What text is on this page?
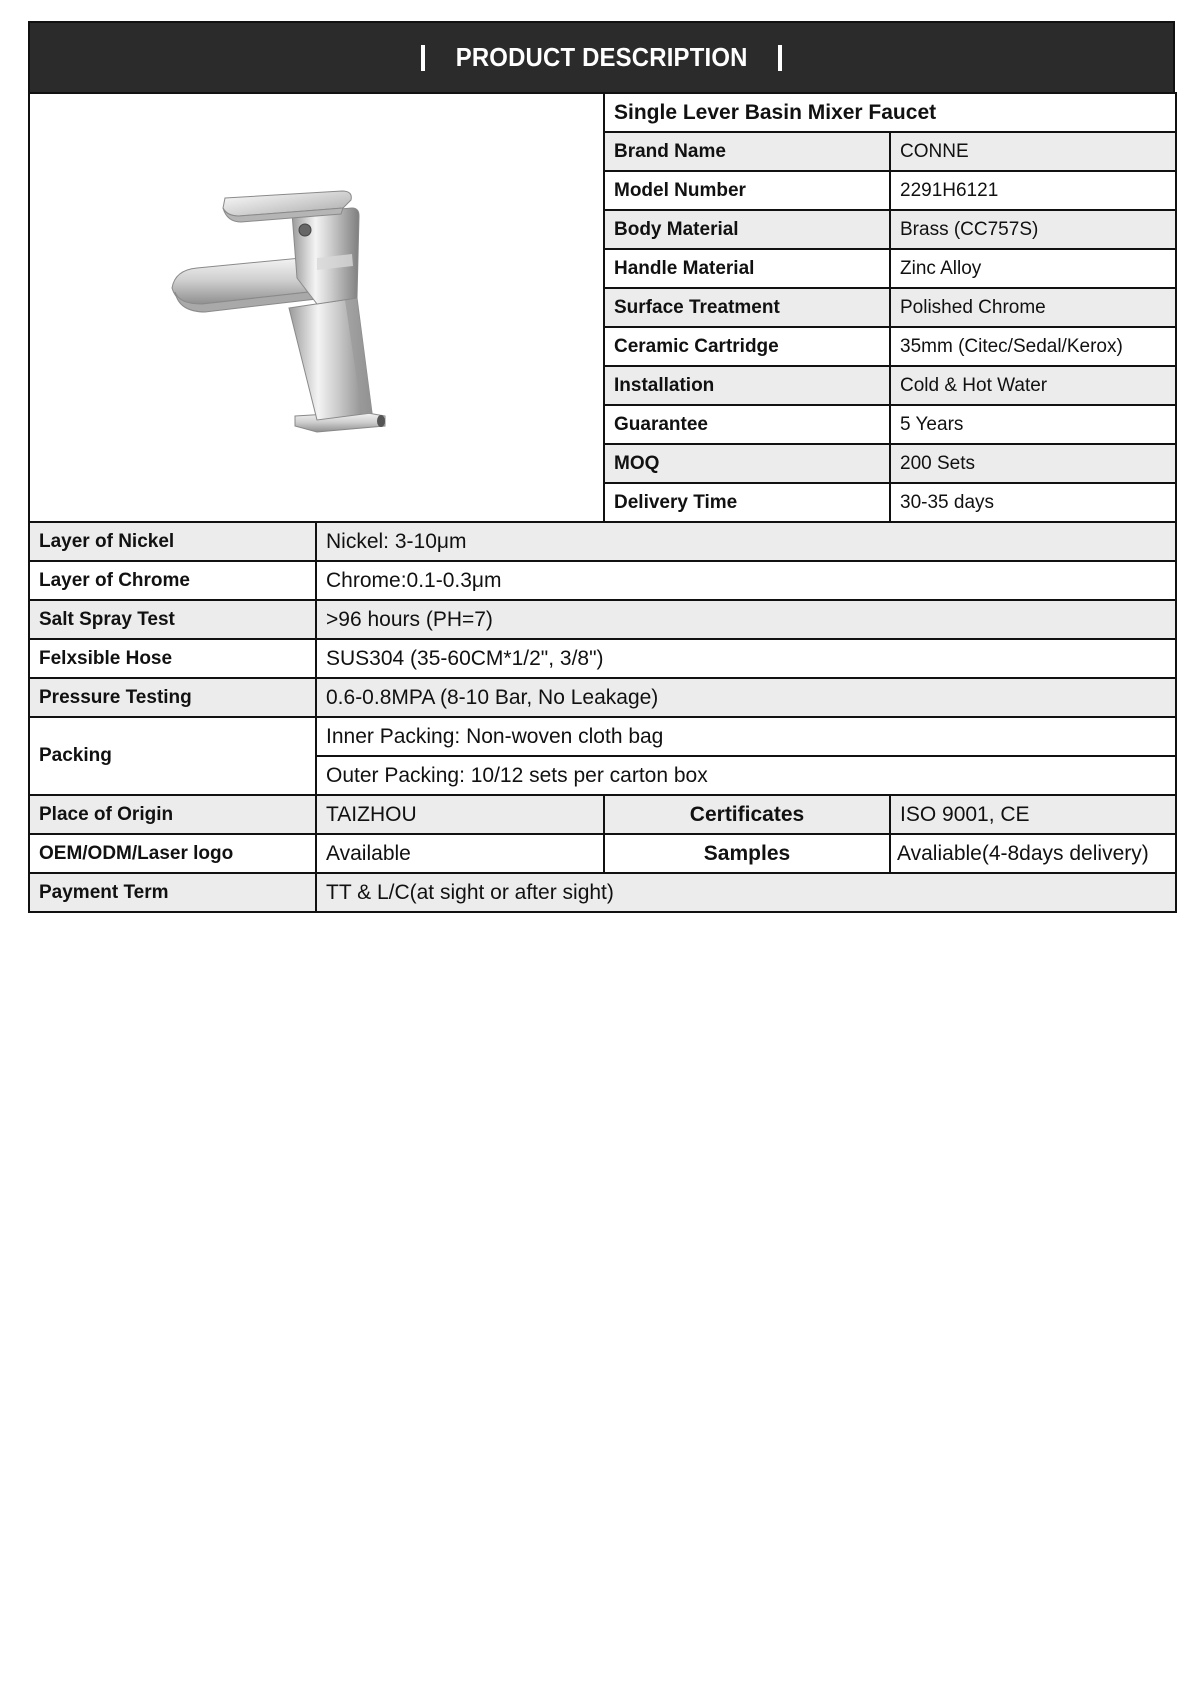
PRODUCT DESCRIPTION
	Single Lever Basin Mixer Faucet	
		Brand Name	CONNE
		Model Number	2291H6121
		Body Material	Brass (CC757S)
		Handle Material	Zinc Alloy
		Surface Treatment	Polished Chrome
		Ceramic Cartridge	35mm (Citec/Sedal/Kerox)
		Installation	Cold & Hot Water
		Guarantee	5 Years
		MOQ	200 Sets
		Delivery Time	30-35 days
Layer of Nickel	Nickel: 3-10μm		
Layer of Chrome	Chrome:0.1-0.3μm		
Salt Spray Test	>96 hours (PH=7)		
Felxsible Hose	SUS304 (35-60CM*1/2", 3/8")		
Pressure Testing	0.6-0.8MPA (8-10 Bar, No Leakage)		
Packing	Inner Packing: Non-woven cloth bag		
	Outer Packing: 10/12 sets per carton box		
Place of Origin	TAIZHOU	Certificates	ISO 9001, CE
OEM/ODM/Laser logo	Available	Samples	Avaliable(4-8days delivery)
Payment Term	TT & L/C(at sight or after sight)		
